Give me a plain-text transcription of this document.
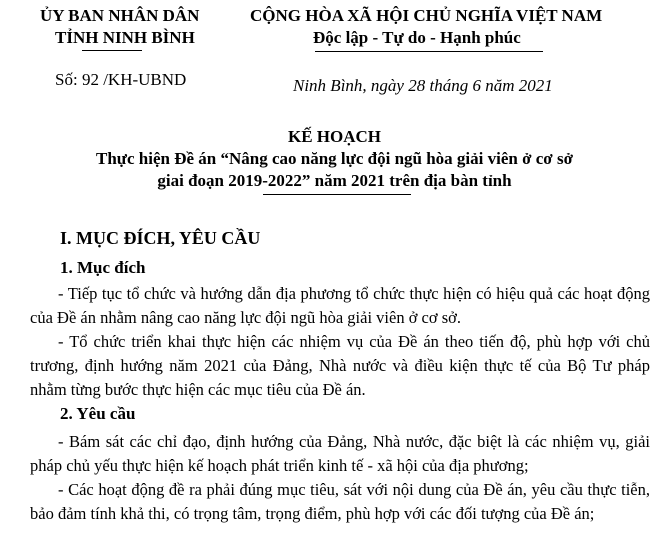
ỦY BAN NHÂN DÂN
TỈNH NINH BÌNH
Số: 92 /KH-UBND
CỘNG HÒA XÃ HỘI CHỦ NGHĨA VIỆT NAM
Độc lập - Tự do - Hạnh phúc
Ninh Bình, ngày 28 tháng 6 năm 2021
KẾ HOẠCH
Thực hiện Đề án “Nâng cao năng lực đội ngũ hòa giải viên ở cơ sở
giai đoạn 2019-2022” năm 2021 trên địa bàn tỉnh
I. MỤC ĐÍCH, YÊU CẦU
1. Mục đích
- Tiếp tục tổ chức và hướng dẫn địa phương tổ chức thực hiện có hiệu quả các hoạt động của Đề án nhằm nâng cao năng lực đội ngũ hòa giải viên ở cơ sở.
- Tổ chức triển khai thực hiện các nhiệm vụ của Đề án theo tiến độ, phù hợp với chủ trương, định hướng năm 2021 của Đảng, Nhà nước và điều kiện thực tế của Bộ Tư pháp nhằm từng bước thực hiện các mục tiêu của Đề án.
2. Yêu cầu
- Bám sát các chỉ đạo, định hướng của Đảng, Nhà nước, đặc biệt là các nhiệm vụ, giải pháp chủ yếu thực hiện kế hoạch phát triển kinh tế - xã hội của địa phương;
- Các hoạt động đề ra phải đúng mục tiêu, sát với nội dung của Đề án, yêu cầu thực tiễn, bảo đảm tính khả thi, có trọng tâm, trọng điểm, phù hợp với các đối tượng của Đề án;
